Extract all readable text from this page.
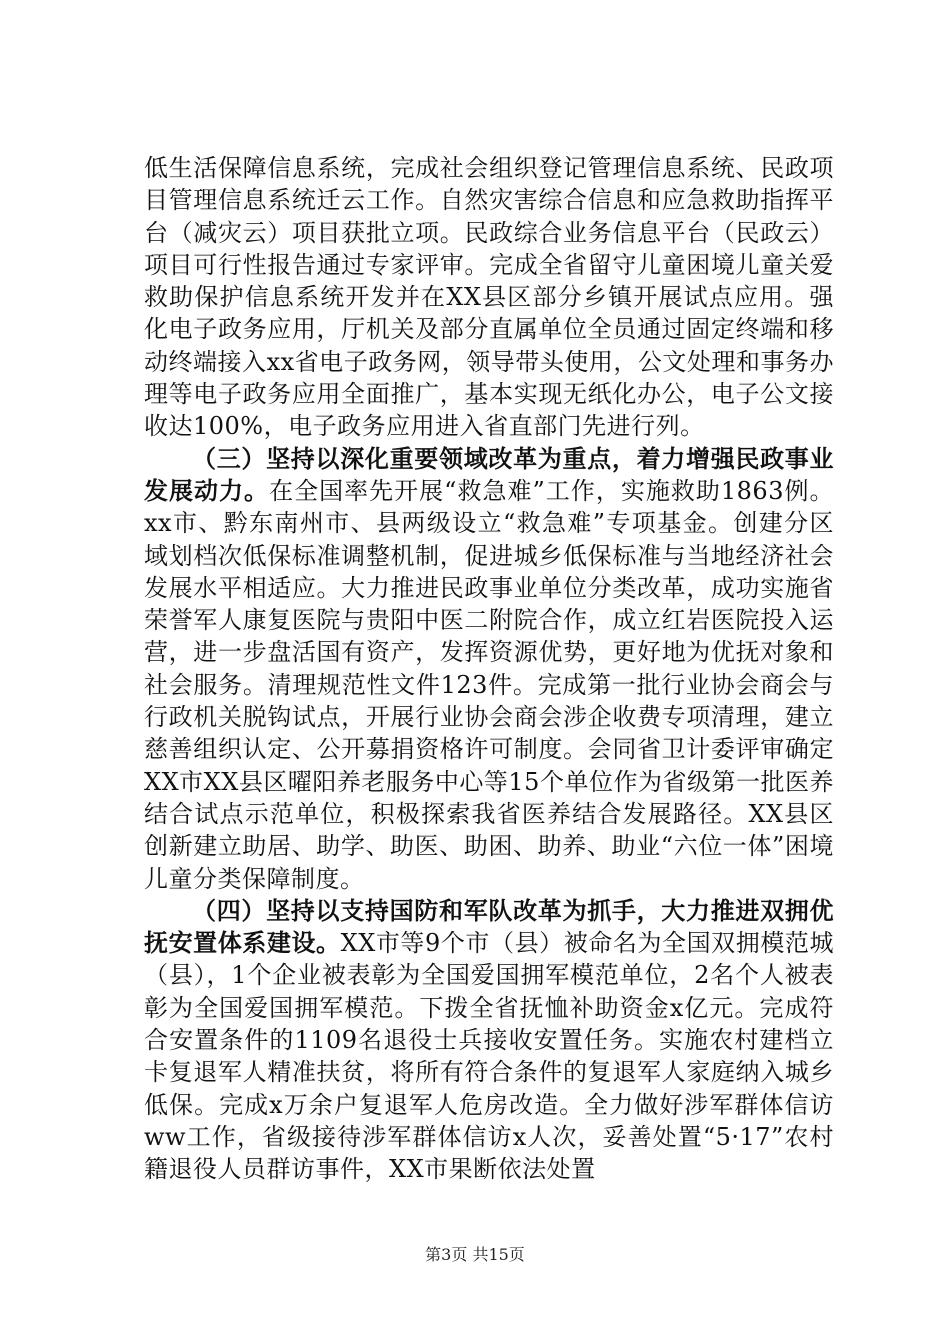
低生活保障信息系统，完成社会组织登记管理信息系统、民政项目管理信息系统迁云工作。自然灾害综合信息和应急救助指挥平台（减灾云）项目获批立项。民政综合业务信息平台（民政云）项目可行性报告通过专家评审。完成全省留守儿童困境儿童关爱救助保护信息系统开发并在XX县区部分乡镇开展试点应用。强化电子政务应用，厅机关及部分直属单位全员通过固定终端和移动终端接入xx省电子政务网，领导带头使用，公文处理和事务办理等电子政务应用全面推广，基本实现无纸化办公，电子公文接收达100%，电子政务应用进入省直部门先进行列。

（三）坚持以深化重要领域改革为重点，着力增强民政事业发展动力。在全国率先开展“救急难”工作，实施救助1863例。xx市、黔东南州市、县两级设立“救急难”专项基金。创建分区域划档次低保标准调整机制，促进城乡低保标准与当地经济社会发展水平相适应。大力推进民政事业单位分类改革，成功实施省荣誉军人康复医院与贵阳中医二附院合作，成立红岩医院投入运营，进一步盘活国有资产，发挥资源优势，更好地为优抚对象和社会服务。清理规范性文件123件。完成第一批行业协会商会与行政机关脱钩试点，开展行业协会商会涉企收费专项清理，建立慈善组织认定、公开募捐资格许可制度。会同省卫计委评审确定XX市XX县区曜阳养老服务中心等15个单位作为省级第一批医养结合试点示范单位，积极探索我省医养结合发展路径。XX县区创新建立助居、助学、助医、助困、助养、助业“六位一体”困境儿童分类保障制度。

（四）坚持以支持国防和军队改革为抓手，大力推进双拥优抚安置体系建设。XX市等9个市（县）被命名为全国双拥模范城（县），1个企业被表彰为全国爱国拥军模范单位，2名个人被表彰为全国爱国拥军模范。下拨全省抚恤补助资金x亿元。完成符合安置条件的1109名退役士兵接收安置任务。实施农村建档立卡复退军人精准扶贫，将所有符合条件的复退军人家庭纳入城乡低保。完成x万余户复退军人危房改造。全力做好涉军群体信访ww工作，省级接待涉军群体信访x人次，妥善处置“5·17”农村籍退役人员群访事件，XX市果断依法处置

第3页 共15页
